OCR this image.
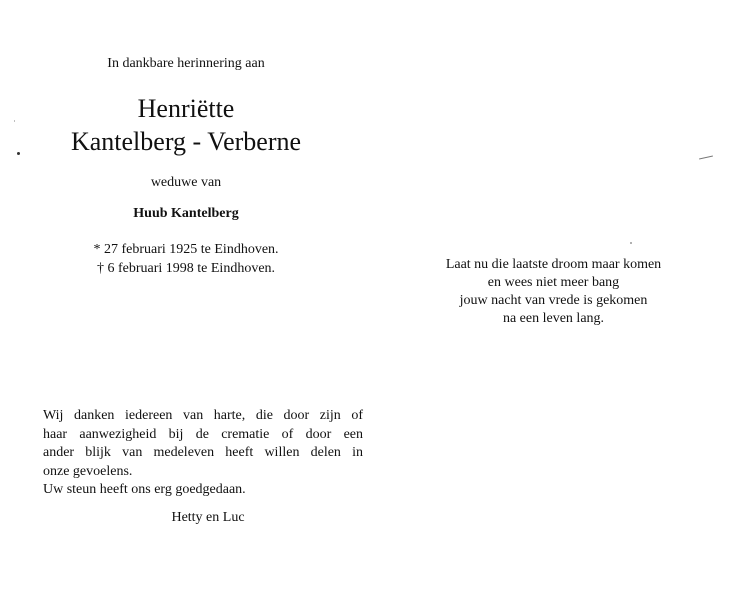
In dankbare herinnering aan
Henriëtte
Kantelberg - Verberne
weduwe van
Huub Kantelberg
* 27 februari 1925 te Eindhoven.
† 6 februari 1998 te Eindhoven.
Wij danken iedereen van harte, die door zijn of
haar aanwezigheid bij de crematie of door een
ander blijk van medeleven heeft willen delen in
onze gevoelens.
Uw steun heeft ons erg goedgedaan.
Hetty en Luc
Laat nu die laatste droom maar komen
en wees niet meer bang
jouw nacht van vrede is gekomen
na een leven lang.
